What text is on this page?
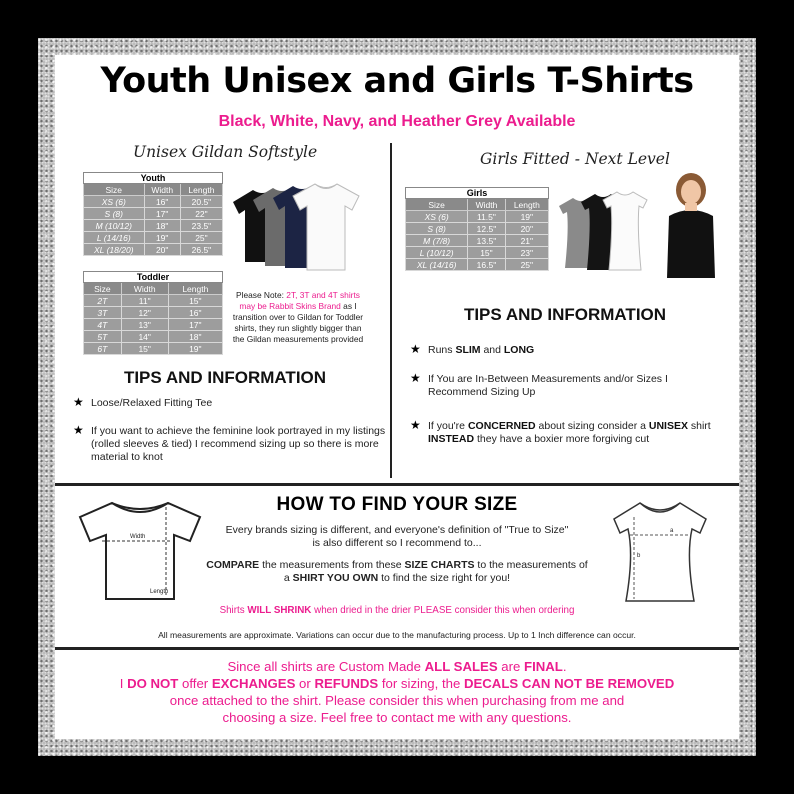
Youth Unisex and Girls T-Shirts
Black, White, Navy, and Heather Grey Available
Unisex Gildan Softstyle
Youth		
Size	Width	Length
XS (6)	16"	20.5"
S (8)	17"	22"
M (10/12)	18"	23.5"
L (14/16)	19"	25"
XL (18/20)	20"	26.5"
Toddler		
Size	Width	Length
2T	11"	15"
3T	12"	16"
4T	13"	17"
5T	14"	18"
6T	15"	19"
Please Note: 2T, 3T and 4T shirts may be Rabbit Skins Brand as I transition over to Gildan for Toddler shirts, they run slightly bigger than the Gildan measurements provided
TIPS AND INFORMATION
★ Loose/Relaxed Fitting Tee
★ If you want to achieve the feminine look portrayed in my listings (rolled sleeves & tied) I recommend sizing up so there is more material to knot
Girls Fitted - Next Level
Girls		
Size	Width	Length
XS (6)	11.5"	19"
S (8)	12.5"	20"
M (7/8)	13.5"	21"
L (10/12)	15"	23"
XL (14/16)	16.5"	25"
TIPS AND INFORMATION
★ Runs SLIM and LONG
★ If You are In-Between Measurements and/or Sizes I Recommend Sizing Up
★ If you're CONCERNED about sizing consider a UNISEX shirt INSTEAD they have a boxier more forgiving cut
HOW TO FIND YOUR SIZE
Width
Length
a
b
Every brands sizing is different, and everyone's definition of "True to Size" is also different so I recommend to...
COMPARE the measurements from these SIZE CHARTS to the measurements of a SHIRT YOU OWN to find the size right for you!
Shirts WILL SHRINK when dried in the drier PLEASE consider this when ordering
All measurements are approximate. Variations can occur due to the manufacturing process. Up to 1 Inch difference can occur.
Since all shirts are Custom Made ALL SALES are FINAL.
I DO NOT offer EXCHANGES or REFUNDS for sizing, the DECALS CAN NOT BE REMOVED
once attached to the shirt. Please consider this when purchasing from me and
choosing a size. Feel free to contact me with any questions.
